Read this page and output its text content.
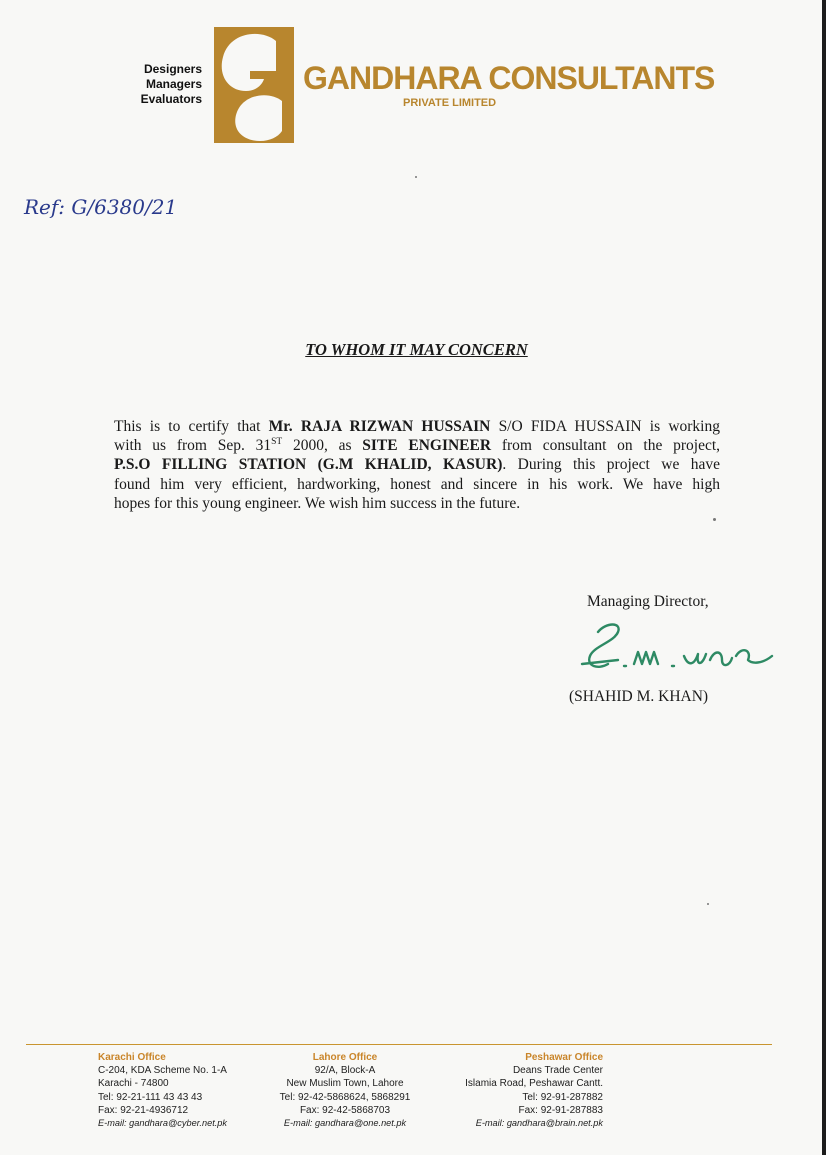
Designers
Managers
Evaluators
GANDHARA CONSULTANTS
PRIVATE LIMITED
Ref: G/6380/21
TO WHOM IT MAY CONCERN
This is to certify that Mr. RAJA RIZWAN HUSSAIN S/O FIDA HUSSAIN is working
with us from Sep. 31ST 2000, as SITE ENGINEER from consultant on the project,
P.S.O FILLING STATION (G.M KHALID, KASUR). During this project we have
found him very efficient, hardworking, honest and sincere in his work. We have high
hopes for this young engineer. We wish him success in the future.
Managing Director,
(SHAHID M. KHAN)
Karachi Office
C-204, KDA Scheme No. 1-A
Karachi - 74800
Tel: 92-21-111 43 43 43
Fax: 92-21-4936712
E-mail: gandhara@cyber.net.pk
Lahore Office
92/A, Block-A
New Muslim Town, Lahore
Tel: 92-42-5868624, 5868291
Fax: 92-42-5868703
E-mail: gandhara@one.net.pk
Peshawar Office
Deans Trade Center
Islamia Road, Peshawar Cantt.
Tel: 92-91-287882
Fax: 92-91-287883
E-mail: gandhara@brain.net.pk
